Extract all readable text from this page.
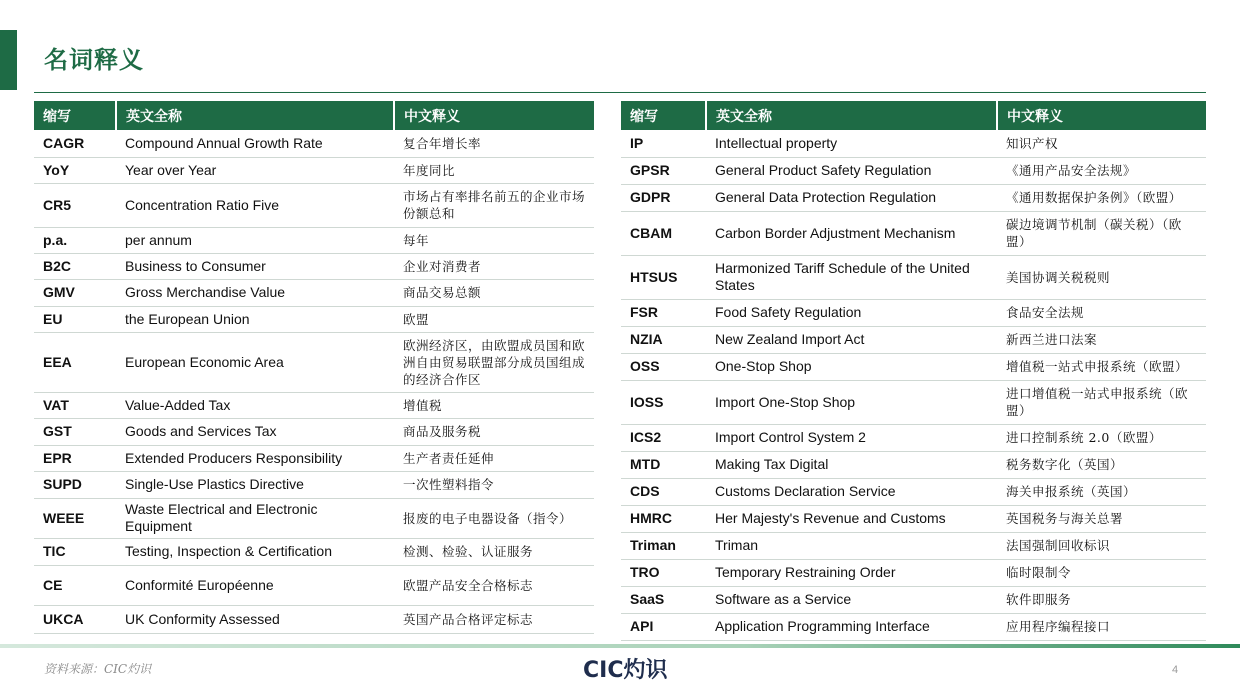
名词释义
缩写	英文全称	中文释义
CAGR	Compound Annual Growth Rate	复合年增长率
YoY	Year over Year	年度同比
CR5	Concentration Ratio Five	市场占有率排名前五的企业市场份额总和
p.a.	per annum	每年
B2C	Business to Consumer	企业对消费者
GMV	Gross Merchandise Value	商品交易总额
EU	the European Union	欧盟
EEA	European Economic Area	欧洲经济区，由欧盟成员国和欧洲自由贸易联盟部分成员国组成的经济合作区
VAT	Value-Added Tax	增值税
GST	Goods and Services Tax	商品及服务税
EPR	Extended Producers Responsibility	生产者责任延伸
SUPD	Single-Use Plastics Directive	一次性塑料指令
WEEE	Waste Electrical and Electronic Equipment	报废的电子电器设备（指令）
TIC	Testing, Inspection & Certification	检测、检验、认证服务
CE	Conformité Européenne	欧盟产品安全合格标志
UKCA	UK Conformity Assessed	英国产品合格评定标志
缩写	英文全称	中文释义
IP	Intellectual property	知识产权
GPSR	General Product Safety Regulation	《通用产品安全法规》
GDPR	General Data Protection Regulation	《通用数据保护条例》（欧盟）
CBAM	Carbon Border Adjustment Mechanism	碳边境调节机制（碳关税）（欧盟）
HTSUS	Harmonized Tariff Schedule of the United States	美国协调关税税则
FSR	Food Safety Regulation	食品安全法规
NZIA	New Zealand Import Act	新西兰进口法案
OSS	One-Stop Shop	增值税一站式申报系统（欧盟）
IOSS	Import One-Stop Shop	进口增值税一站式申报系统（欧盟）
ICS2	Import Control System 2	进口控制系统 2.0（欧盟）
MTD	Making Tax Digital	税务数字化（英国）
CDS	Customs Declaration Service	海关申报系统（英国）
HMRC	Her Majesty's Revenue and Customs	英国税务与海关总署
Triman	Triman	法国强制回收标识
TRO	Temporary Restraining Order	临时限制令
SaaS	Software as a Service	软件即服务
API	Application Programming Interface	应用程序编程接口
资料来源：CIC灼识	CIC灼识	4
